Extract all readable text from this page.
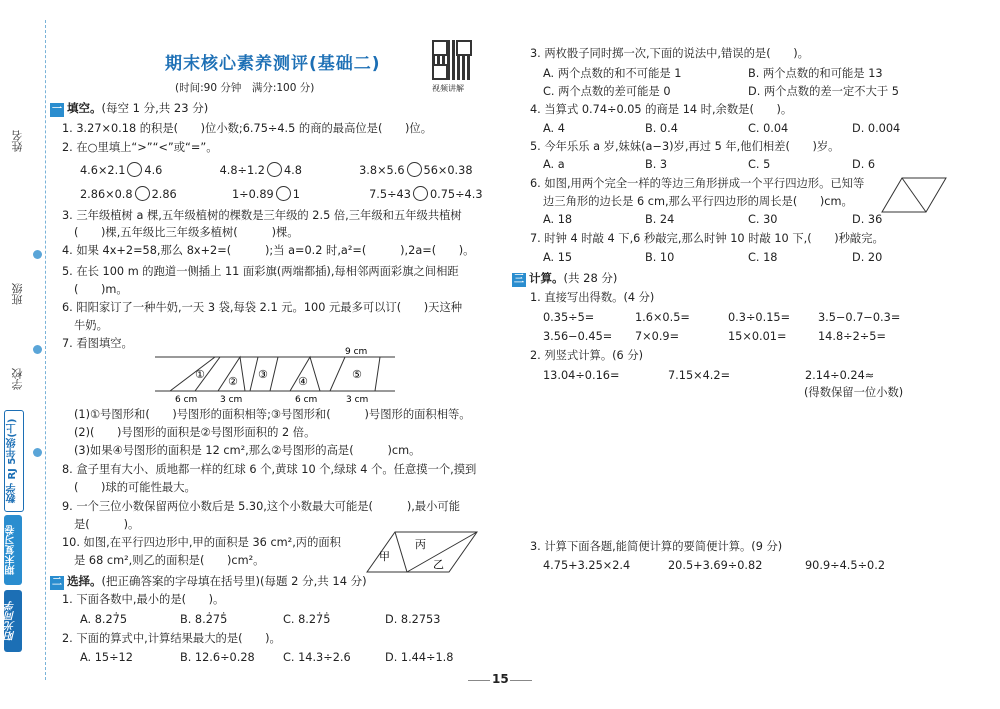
姓名
班级
学校
数学 RJ 5年级(上)
期末复习卷
阳光同学
期末核心素养测评(基础二)
视频讲解
(时间:90 分钟　满分:100 分)
一 填空。(每空 1 分,共 23 分)
1. 3.27×0.18 的积是(　　)位小数;6.75÷4.5 的商的最高位是(　　)位。
2. 在○里填上“>”“<”或“=”。
4.6×2.1 4.6	4.8÷1.2 4.8	3.8×5.6 56×0.38
2.86×0.8 2.86	1÷0.89 1	7.5÷43 0.75÷4.3
3. 三年级植树 a 棵,五年级植树的棵数是三年级的 2.5 倍,三年级和五年级共植树
(　　)棵,五年级比三年级多植树(　　　)棵。
4. 如果 4x+2=58,那么 8x+2=(　　　);当 a=0.2 时,a²=(　　　),2a=(　　)。
5. 在长 100 m 的跑道一侧插上 11 面彩旗(两端都插),每相邻两面彩旗之间相距
(　　)m。
6. 阳阳家订了一种牛奶,一天 3 袋,每袋 2.1 元。100 元最多可以订(　　)天这种
牛奶。
7. 看图填空。
①
②
③
④
⑤
9 cm
6 cm	3 cm	6 cm	3 cm
(1)①号图形和(　　)号图形的面积相等;③号图形和(　　　)号图形的面积相等。
(2)(　　)号图形的面积是②号图形面积的 2 倍。
(3)如果④号图形的面积是 12 cm²,那么②号图形的高是(　　　)cm。
8. 盒子里有大小、质地都一样的红球 6 个,黄球 10 个,绿球 4 个。任意摸一个,摸到
(　　)球的可能性最大。
9. 一个三位小数保留两位小数后是 5.30,这个小数最大可能是(　　　),最小可能
是(　　　)。
10. 如图,在平行四边形中,甲的面积是 36 cm²,丙的面积
是 68 cm²,则乙的面积是(　　)cm²。	甲
丙
乙
二 选择。(把正确答案的字母填在括号里)(每题 2 分,共 14 分)
1. 下面各数中,最小的是(　　)。
A. 8.27̇5	B. 8.2̇75̇	C. 8.27̇5̇	D. 8.2753
2. 下面的算式中,计算结果最大的是(　　)。
A. 15÷12	B. 12.6÷0.28	C. 14.3÷2.6	D. 1.44÷1.8
3. 两枚骰子同时掷一次,下面的说法中,错误的是(　　)。
A. 两个点数的和不可能是 1	B. 两个点数的和可能是 13
C. 两个点数的差可能是 0	D. 两个点数的差一定不大于 5
4. 当算式 0.74÷0.05 的商是 14 时,余数是(　　)。
A. 4	B. 0.4	C. 0.04	D. 0.004
5. 今年乐乐 a 岁,妹妹(a−3)岁,再过 5 年,他们相差(　　)岁。
A. a	B. 3	C. 5	D. 6
6. 如图,用两个完全一样的等边三角形拼成一个平行四边形。已知等
边三角形的边长是 6 cm,那么平行四边形的周长是(　　)cm。
A. 18	B. 24	C. 30	D. 36
7. 时钟 4 时敲 4 下,6 秒敲完,那么时钟 10 时敲 10 下,(　　)秒敲完。
A. 15	B. 10	C. 18	D. 20
三 计算。(共 28 分)
1. 直接写出得数。(4 分)
0.35÷5=	1.6×0.5=	0.3÷0.15= 3.5−0.7−0.3=
3.56−0.45= 7×0.9=	15×0.01=	14.8÷2÷5=
2. 列竖式计算。(6 分)
13.04÷0.16=	7.15×4.2=	2.14÷0.24≈
(得数保留一位小数)
3. 计算下面各题,能简便计算的要简便计算。(9 分)
4.75+3.25×2.4	20.5+3.69÷0.82	90.9÷4.5÷0.2
15
